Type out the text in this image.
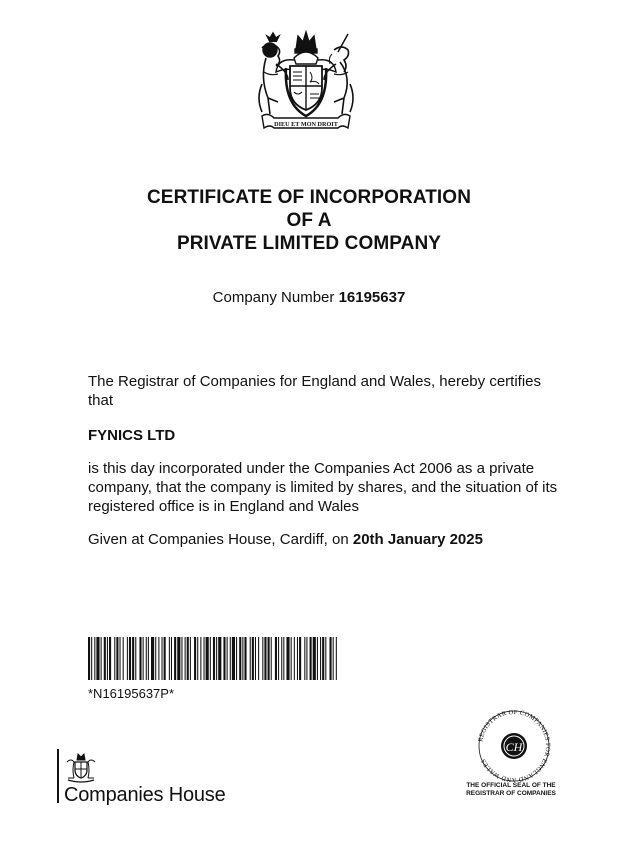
DIEU ET MON DROIT
CERTIFICATE OF INCORPORATION
OF A
PRIVATE LIMITED COMPANY
Company Number 16195637
The Registrar of Companies for England and Wales, hereby certifies that
FYNICS LTD
is this day incorporated under the Companies Act 2006 as a private company, that the company is limited by shares, and the situation of its registered office is in England and Wales
Given at Companies House, Cardiff, on 20th January 2025
*N16195637P*
REGISTRAR OF COMPANIES FOR ENGLAND AND WALES
CH
THE OFFICIAL SEAL OF THE
REGISTRAR OF COMPANIES
Companies House
